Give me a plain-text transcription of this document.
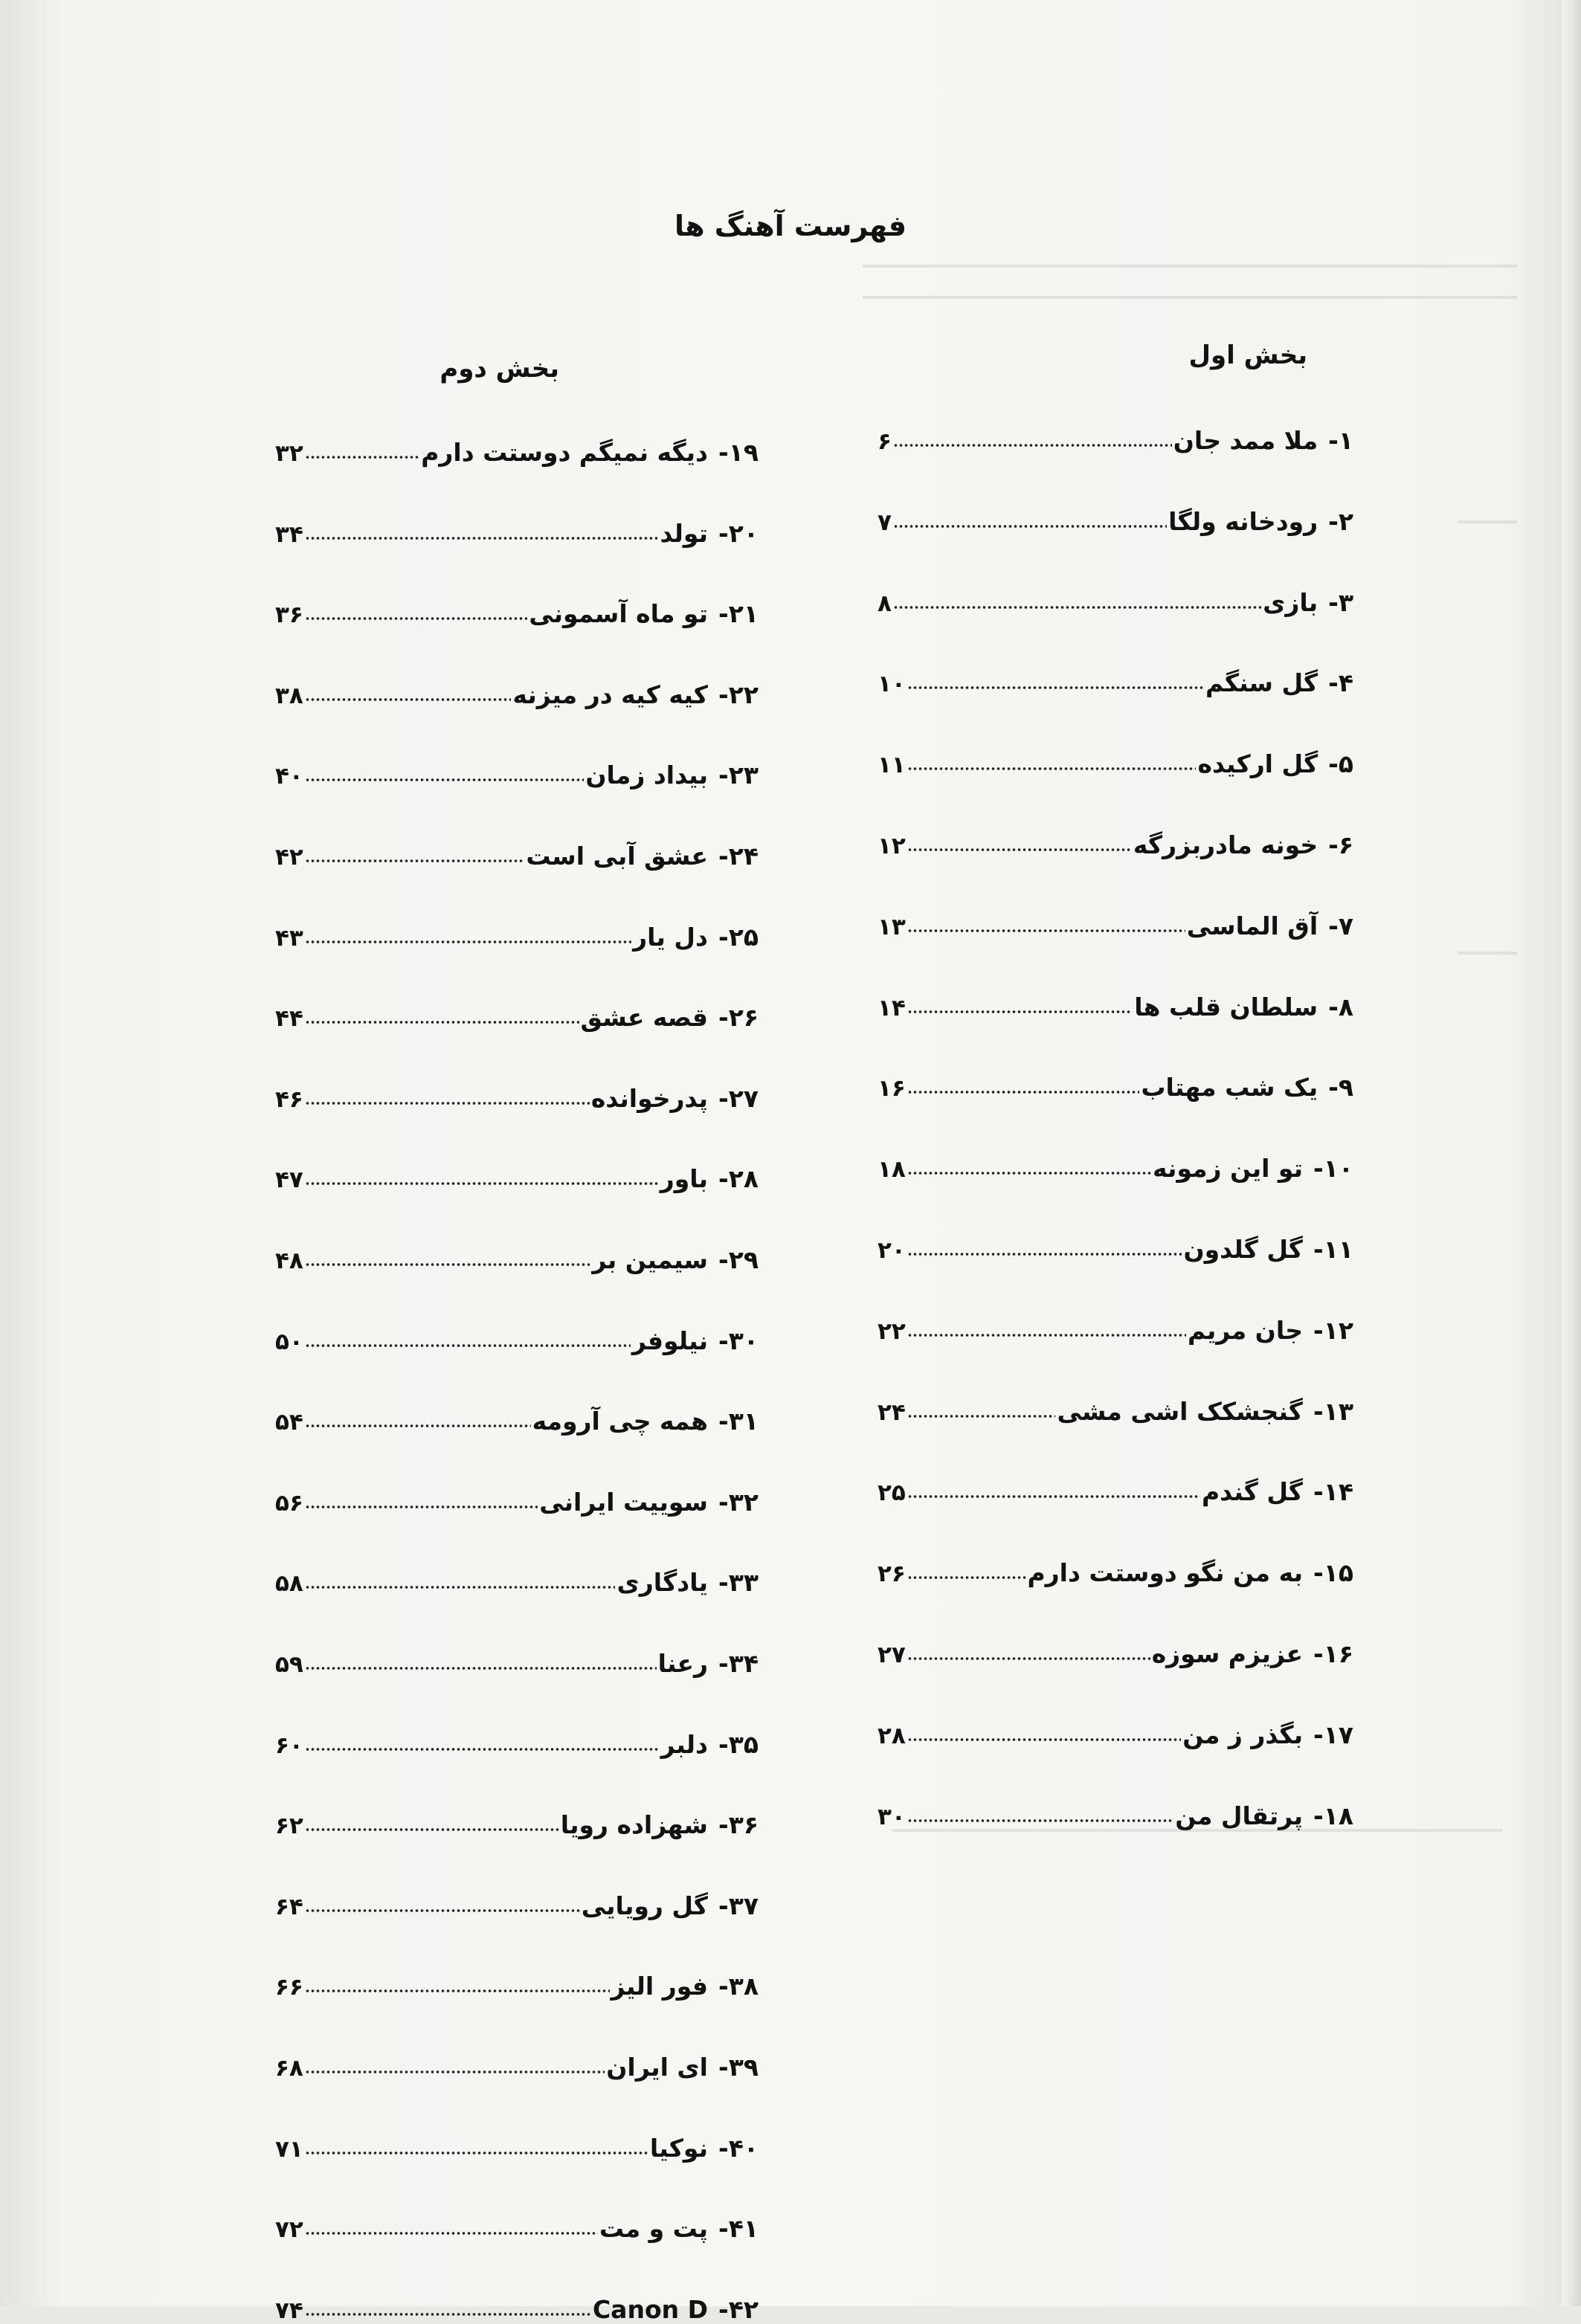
فهرست آهنگ ها
بخش اول
۱-
ملا ممد جان
۶
۲-
رودخانه ولگا
۷
۳-
بازی
۸
۴-
گل سنگم
۱۰
۵-
گل ارکیده
۱۱
۶-
خونه مادربزرگه
۱۲
۷-
آق الماسی
۱۳
۸-
سلطان قلب ها
۱۴
۹-
یک شب مهتاب
۱۶
۱۰-
تو این زمونه
۱۸
۱۱-
گل گلدون
۲۰
۱۲-
جان مریم
۲۲
۱۳-
گنجشکک اشی مشی
۲۴
۱۴-
گل گندم
۲۵
۱۵-
به من نگو دوستت دارم
۲۶
۱۶-
عزیزم سوزه
۲۷
۱۷-
بگذر ز من
۲۸
۱۸-
پرتقال من
۳۰
بخش دوم
۱۹-
دیگه نمیگم دوستت دارم
۳۲
۲۰-
تولد
۳۴
۲۱-
تو ماه آسمونی
۳۶
۲۲-
کیه کیه در میزنه
۳۸
۲۳-
بیداد زمان
۴۰
۲۴-
عشق آبی است
۴۲
۲۵-
دل یار
۴۳
۲۶-
قصه عشق
۴۴
۲۷-
پدرخوانده
۴۶
۲۸-
باور
۴۷
۲۹-
سیمین بر
۴۸
۳۰-
نیلوفر
۵۰
۳۱-
همه چی آرومه
۵۴
۳۲-
سوییت ایرانی
۵۶
۳۳-
یادگاری
۵۸
۳۴-
رعنا
۵۹
۳۵-
دلبر
۶۰
۳۶-
شهزاده رویا
۶۲
۳۷-
گل رویایی
۶۴
۳۸-
فور الیز
۶۶
۳۹-
ای ایران
۶۸
۴۰-
نوکیا
۷۱
۴۱-
پت و مت
۷۲
۴۲-
Canon D
۷۴
